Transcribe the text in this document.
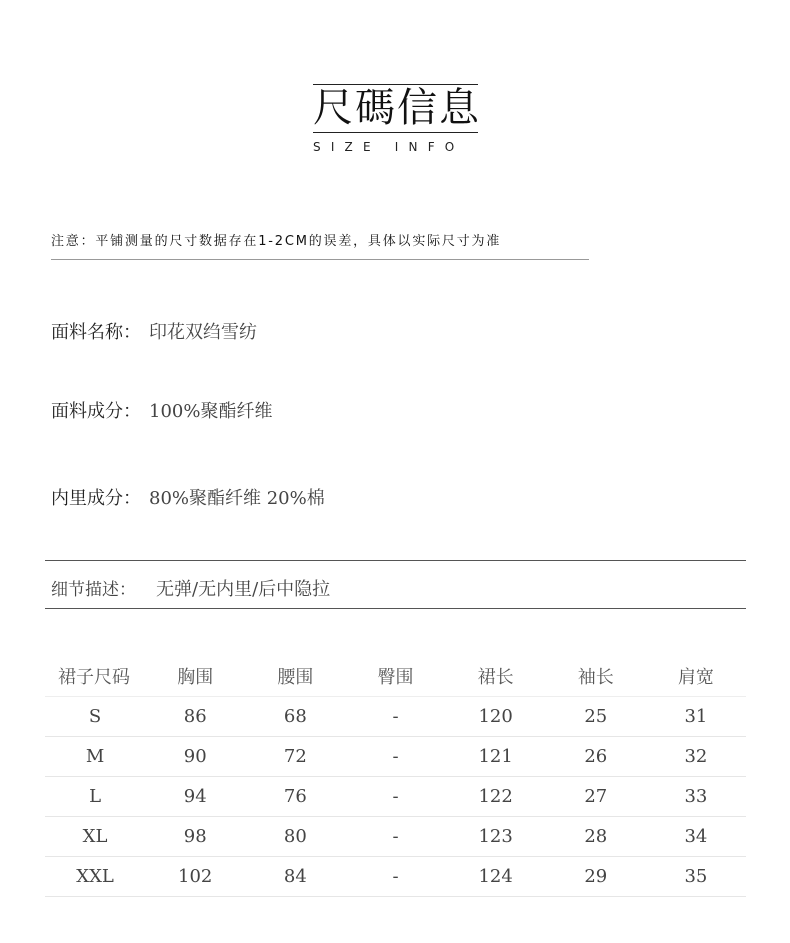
尺碼信息
SIZE INFO
注意：平铺测量的尺寸数据存在1-2CM的误差，具体以实际尺寸为准
面料名称： 印花双绉雪纺
面料成分： 100%聚酯纤维
内里成分： 80%聚酯纤维 20%棉
细节描述： 无弹/无内里/后中隐拉
裙子尺码	胸围	腰围	臀围	裙长	袖长	肩宽
S	86	68	-	120	25	31
M	90	72	-	121	26	32
L	94	76	-	122	27	33
XL	98	80	-	123	28	34
XXL	102	84	-	124	29	35
